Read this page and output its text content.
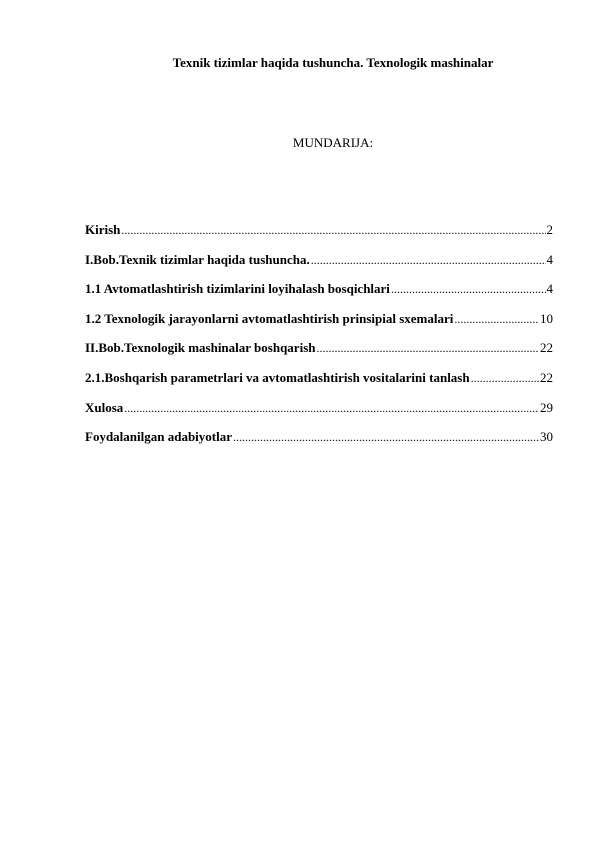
Texnik tizimlar haqida tushuncha. Texnologik mashinalar
MUNDARIJA:
Kirish .....	2
I.Bob.Texnik tizimlar haqida tushuncha. .....	4
1.1 Avtomatlashtirish tizimlarini loyihalash bosqichlari .....	4
1.2 Texnologik jarayonlarni avtomatlashtirish prinsipial sxemalari .....	10
II.Bob.Texnologik mashinalar boshqarish .....	22
2.1.Boshqarish parametrlari va avtomatlashtirish vositalarini tanlash .....	22
Xulosa .....	29
Foydalanilgan adabiyotlar .....	30
